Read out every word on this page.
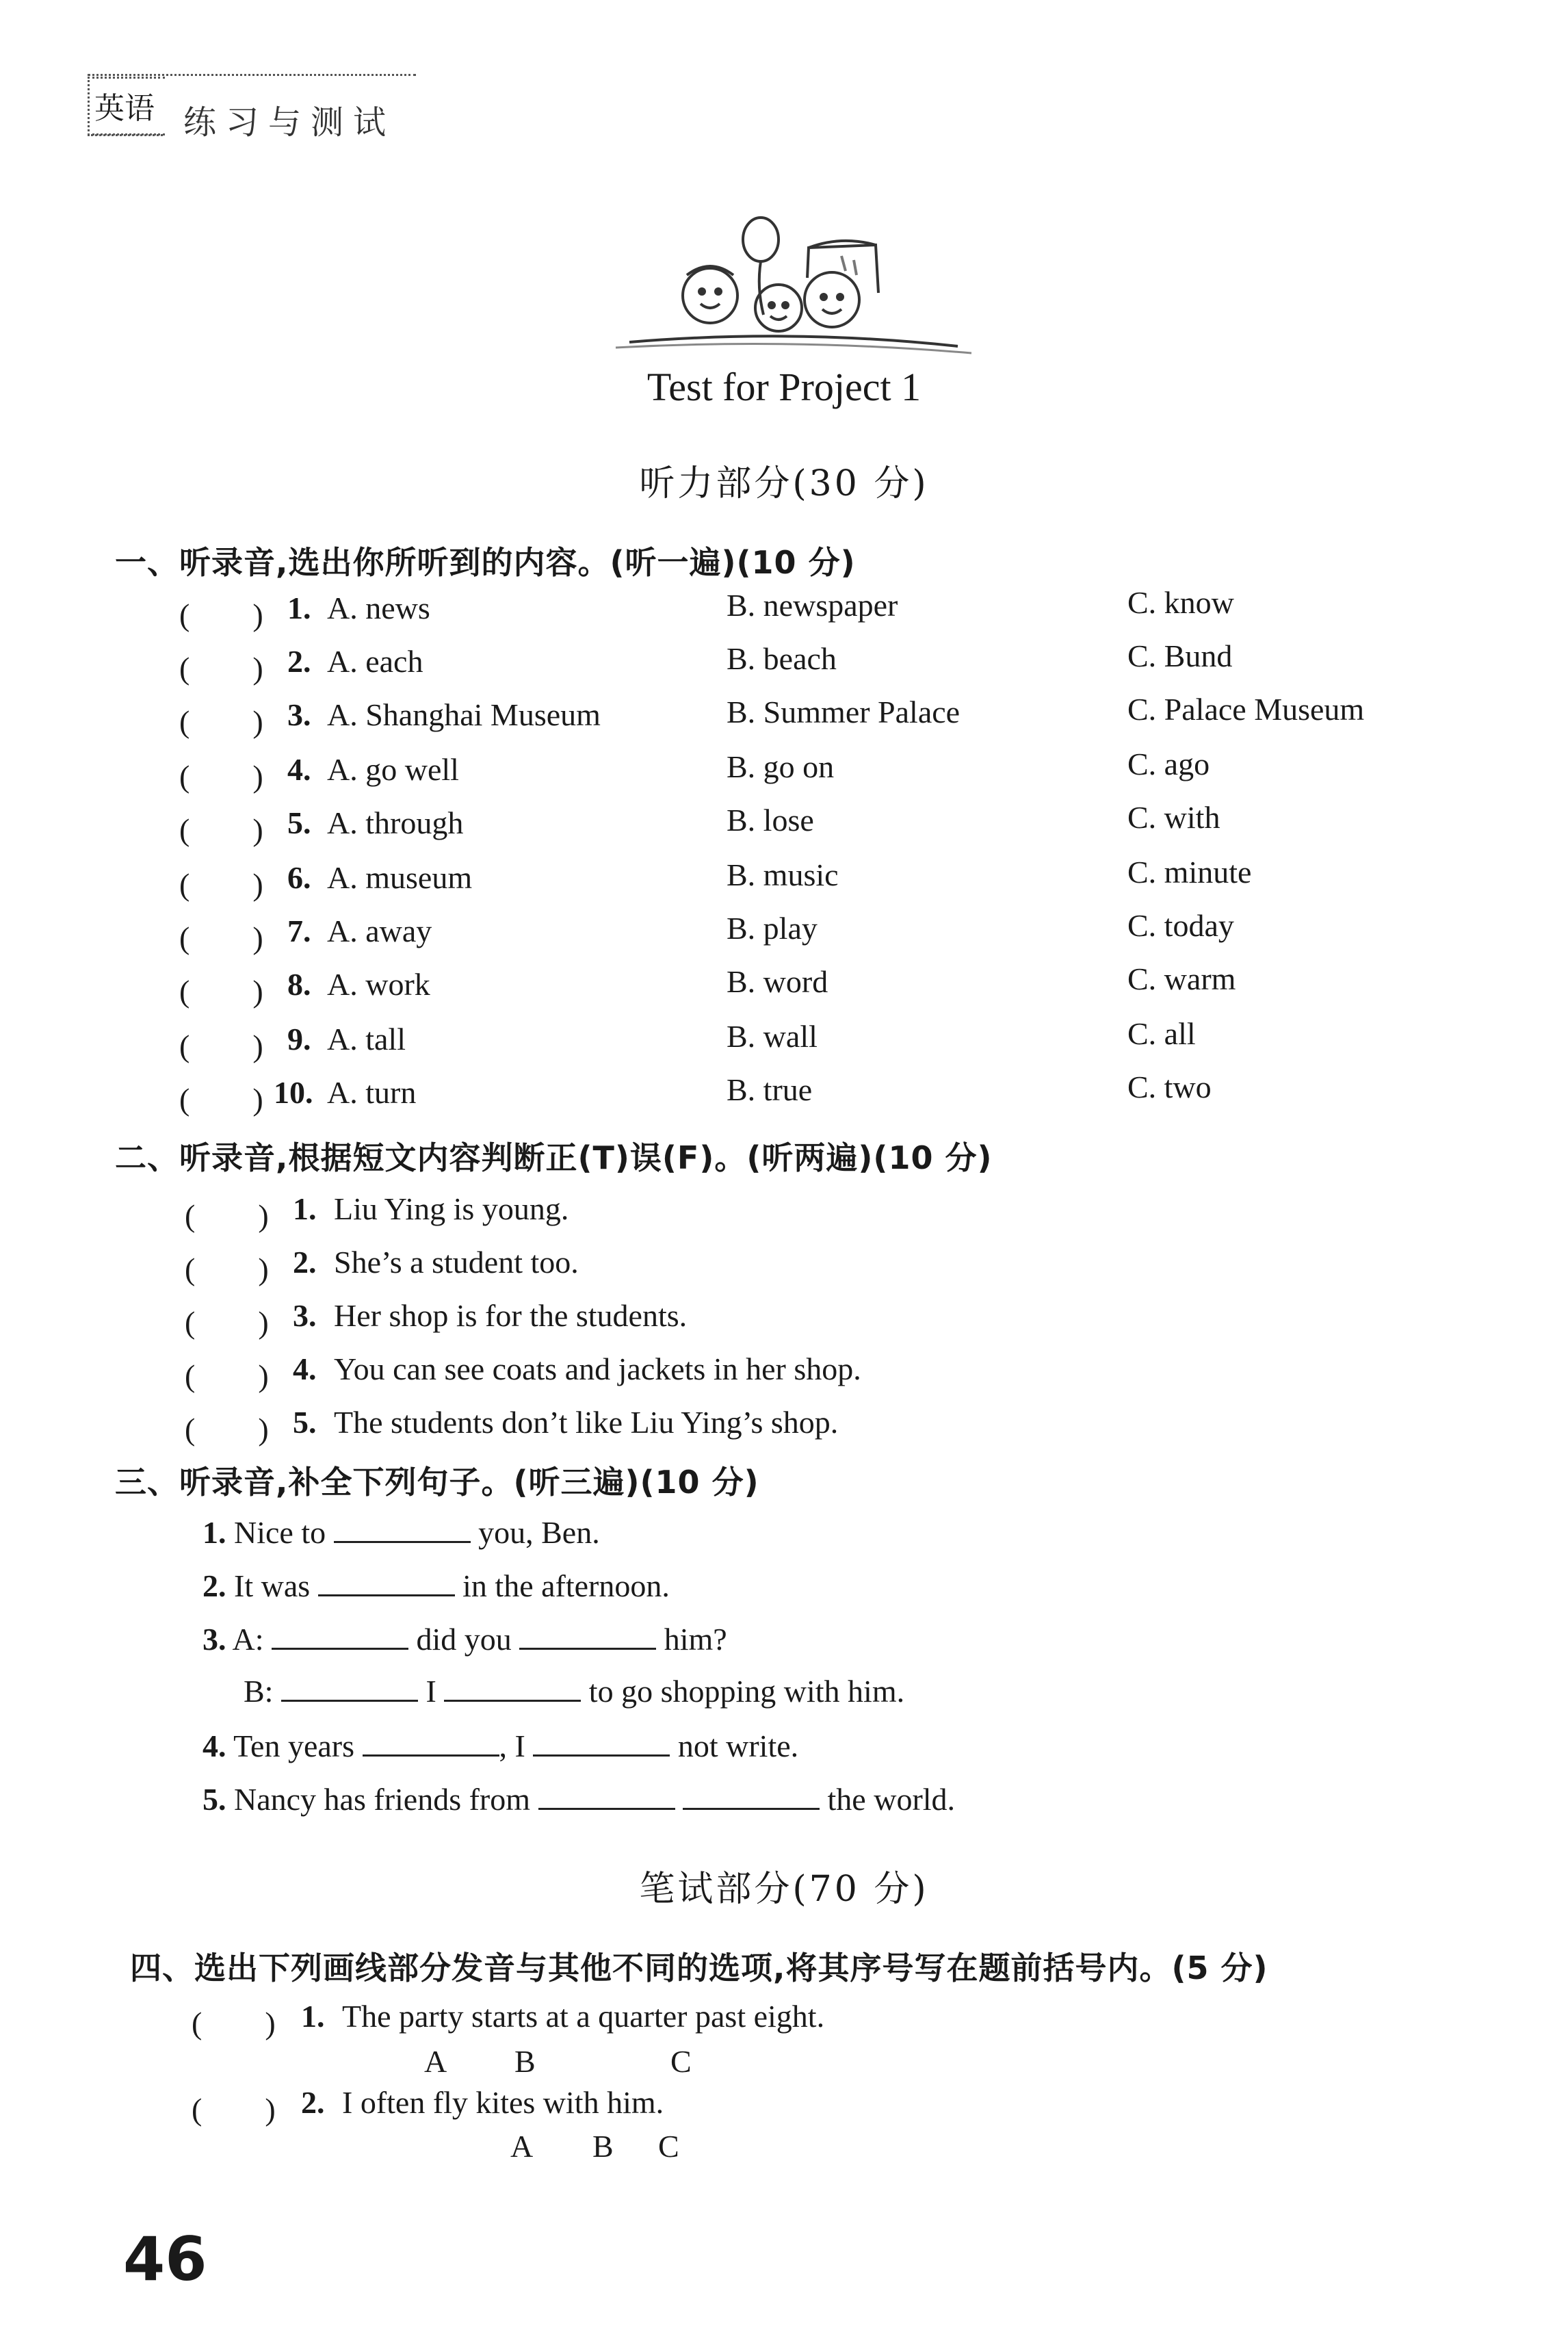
英语 练习与测试
Test for Project 1
听力部分(30 分)
一、听录音,选出你所听到的内容。(听一遍)(10 分)
(　　) 1. A. news	B. newspaper	C. know
(　　) 2. A. each	B. beach	C. Bund
(　　) 3. A. Shanghai Museum	B. Summer Palace	C. Palace Museum
(　　) 4. A. go well	B. go on	C. ago
(　　) 5. A. through	B. lose	C. with
(　　) 6. A. museum	B. music	C. minute
(　　) 7. A. away	B. play	C. today
(　　) 8. A. work	B. word	C. warm
(　　) 9. A. tall	B. wall	C. all
(　　) 10. A. turn	B. true	C. two
二、听录音,根据短文内容判断正(T)误(F)。(听两遍)(10 分)
(　　) 1. Liu Ying is young.
(　　) 2. She’s a student too.
(　　) 3. Her shop is for the students.
(　　) 4. You can see coats and jackets in her shop.
(　　) 5. The students don’t like Liu Ying’s shop.
三、听录音,补全下列句子。(听三遍)(10 分)
1. Nice to	you, Ben.
2. It was	in the afternoon.
3. A:	did you	him?
B:	I	to go shopping with him.
4. Ten years	, I	not write.
5. Nancy has friends from	the world.
笔试部分(70 分)
四、选出下列画线部分发音与其他不同的选项,将其序号写在题前括号内。(5 分)
(　　) 1. The party starts at a quarter past eight.
A B	C
(　　) 2. I often fly kites with him.
A B C
46
